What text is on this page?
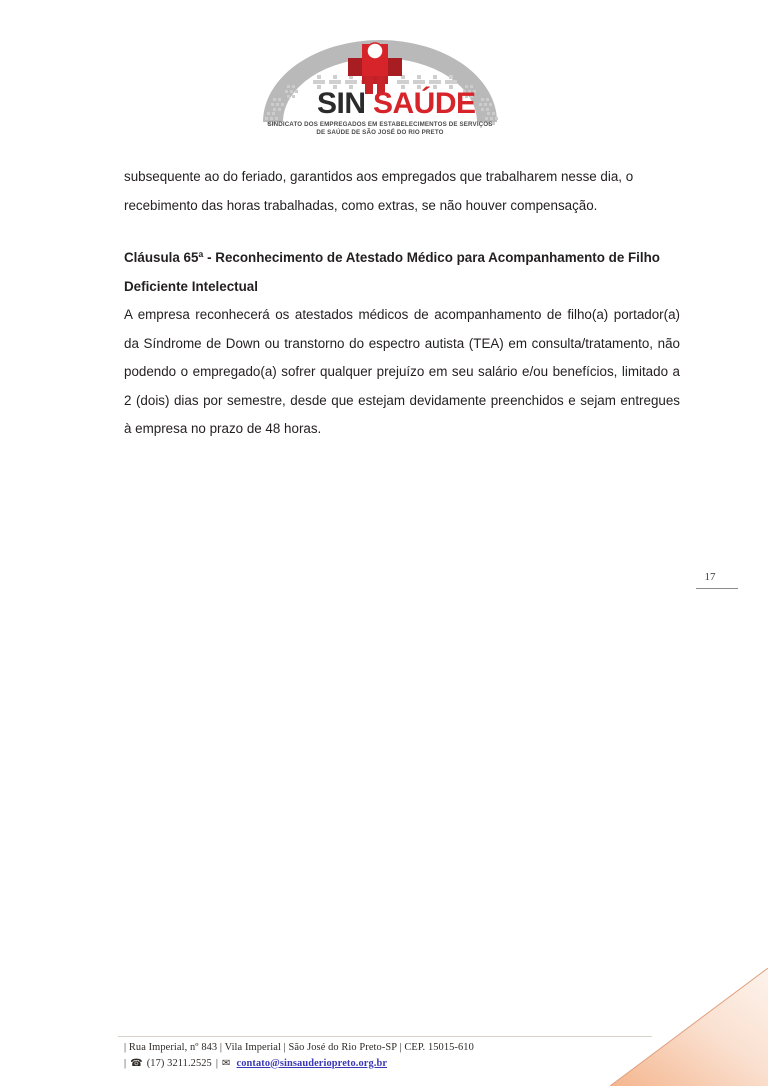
SIN SAÚDE
SINDICATO DOS EMPREGADOS EM ESTABELECIMENTOS DE SERVIÇOS
DE SAÚDE DE SÃO JOSÉ DO RIO PRETO

subsequente ao do feriado, garantidos aos empregados que trabalharem nesse dia, o recebimento das horas trabalhadas, como extras, se não houver compensação.

Cláusula 65ª - Reconhecimento de Atestado Médico para Acompanhamento de Filho Deficiente Intelectual

A empresa reconhecerá os atestados médicos de acompanhamento de filho(a) portador(a) da Síndrome de Down ou transtorno do espectro autista (TEA) em consulta/tratamento, não podendo o empregado(a) sofrer qualquer prejuízo em seu salário e/ou benefícios, limitado a 2 (dois) dias por semestre, desde que estejam devidamente preenchidos e sejam entregues à empresa no prazo de 48 horas.

17
| Rua Imperial, nº 843 | Vila Imperial | São José do Rio Preto-SP | CEP. 15015-610
| ☎ (17) 3211.2525 | ✉ contato@sinsauderiopreto.org.br
